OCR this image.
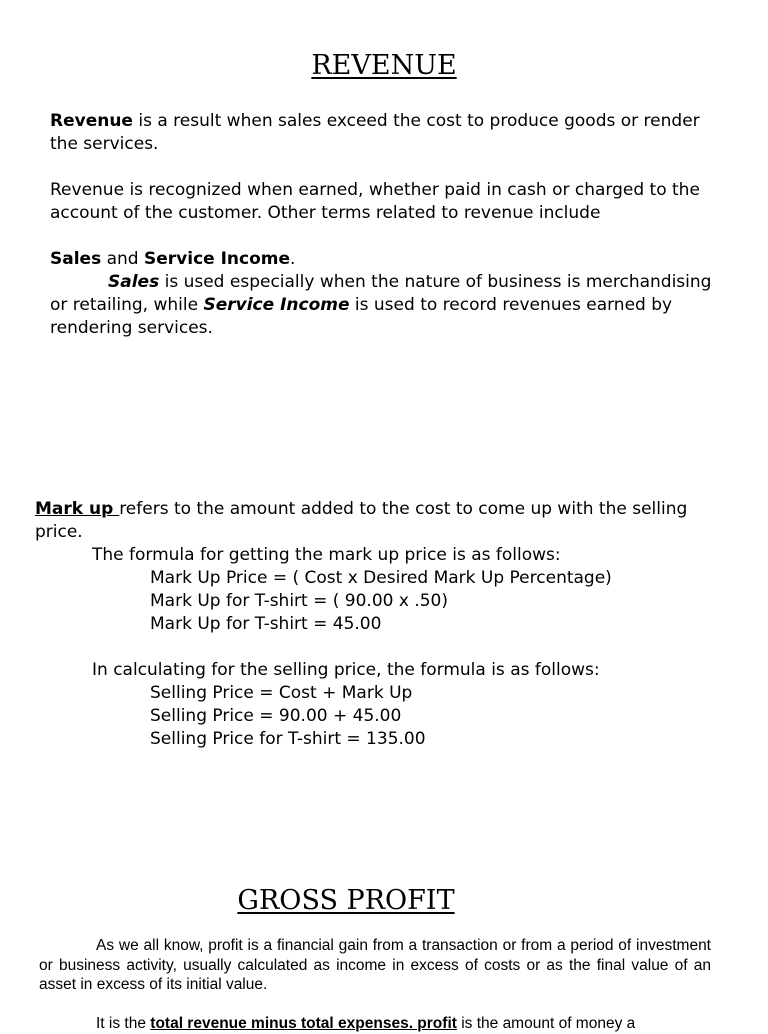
REVENUE

Revenue is a result when sales exceed the cost to produce goods or render

the services.

Revenue is recognized when earned, whether paid in cash or charged to the

account of the customer. Other terms related to revenue include

Sales and Service Income.

Sales is used especially when the nature of business is merchandising

or retailing, while Service Income is used to record revenues earned by

rendering services.

Mark up refers to the amount added to the cost to come up with the selling

price.

The formula for getting the mark up price is as follows:

Mark Up Price = ( Cost x Desired Mark Up Percentage)

Mark Up for T-shirt = ( 90.00 x .50)

Mark Up for T-shirt = 45.00

In calculating for the selling price, the formula is as follows:

Selling Price = Cost + Mark Up

Selling Price = 90.00 + 45.00

Selling Price for T-shirt = 135.00

GROSS PROFIT

As we all know, profit is a financial gain from a transaction or from a period of investment or business activity, usually calculated as income in excess of costs or as the final value of an asset in excess of its initial value.

It is the total revenue minus total expenses. profit is the amount of money a
